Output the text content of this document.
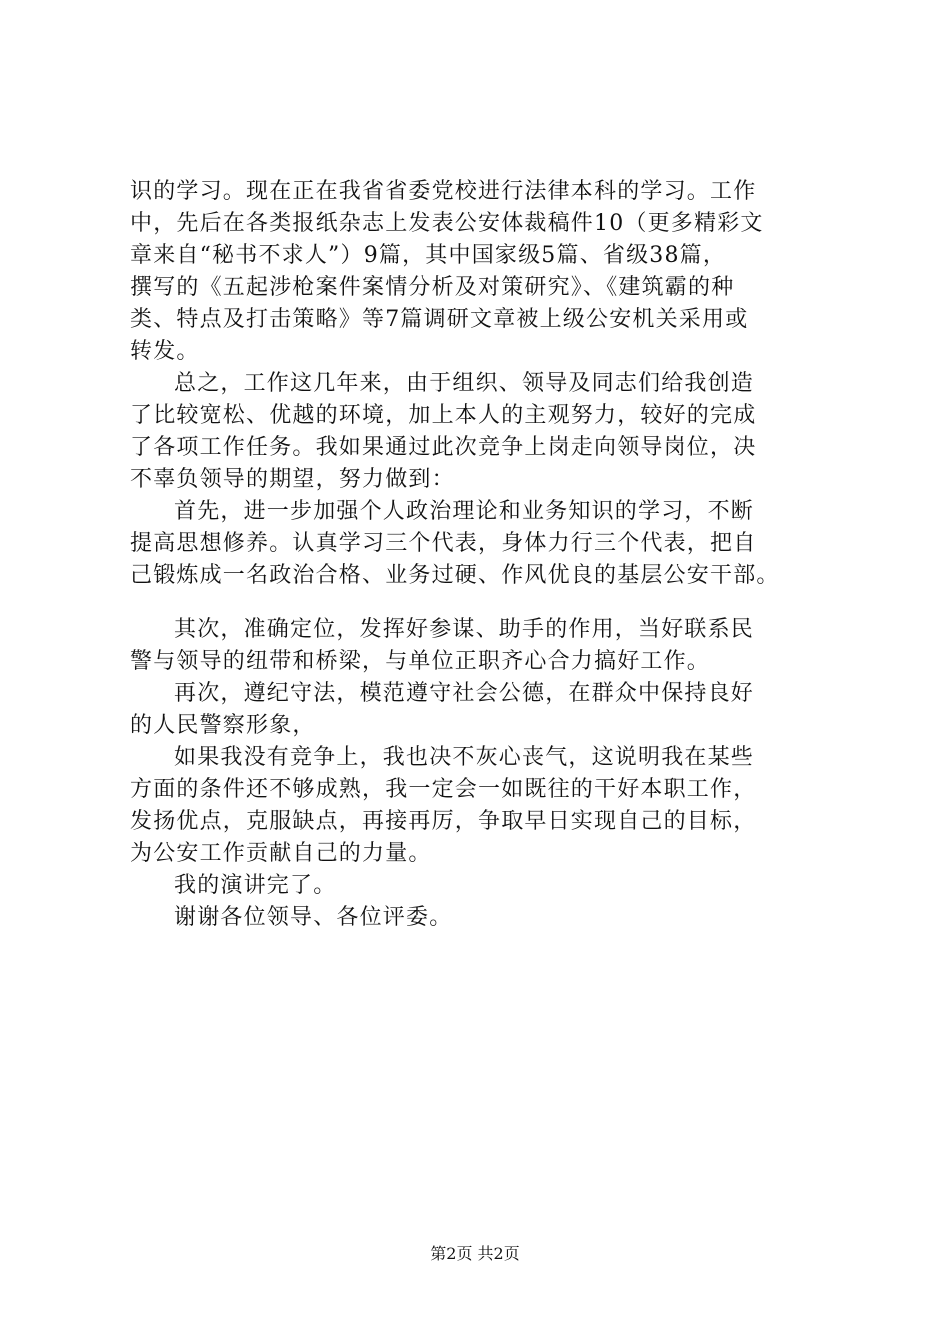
识的学习。现在正在我省省委党校进行法律本科的学习。工作
中，先后在各类报纸杂志上发表公安体裁稿件10（更多精彩文
章来自“秘书不求人”）9篇，其中国家级5篇、省级38篇，
撰写的《五起涉枪案件案情分析及对策研究》、《建筑霸的种
类、特点及打击策略》等7篇调研文章被上级公安机关采用或
转发。
总之，工作这几年来，由于组织、领导及同志们给我创造
了比较宽松、优越的环境，加上本人的主观努力，较好的完成
了各项工作任务。我如果通过此次竞争上岗走向领导岗位，决
不辜负领导的期望，努力做到：
首先，进一步加强个人政治理论和业务知识的学习，不断
提高思想修养。认真学习三个代表，身体力行三个代表，把自
己锻炼成一名政治合格、业务过硬、作风优良的基层公安干部。
其次，准确定位，发挥好参谋、助手的作用，当好联系民
警与领导的纽带和桥梁，与单位正职齐心合力搞好工作。
再次，遵纪守法，模范遵守社会公德，在群众中保持良好
的人民警察形象，
如果我没有竞争上，我也决不灰心丧气，这说明我在某些
方面的条件还不够成熟，我一定会一如既往的干好本职工作，
发扬优点，克服缺点，再接再厉，争取早日实现自己的目标，
为公安工作贡献自己的力量。
我的演讲完了。
谢谢各位领导、各位评委。
第2页 共2页
